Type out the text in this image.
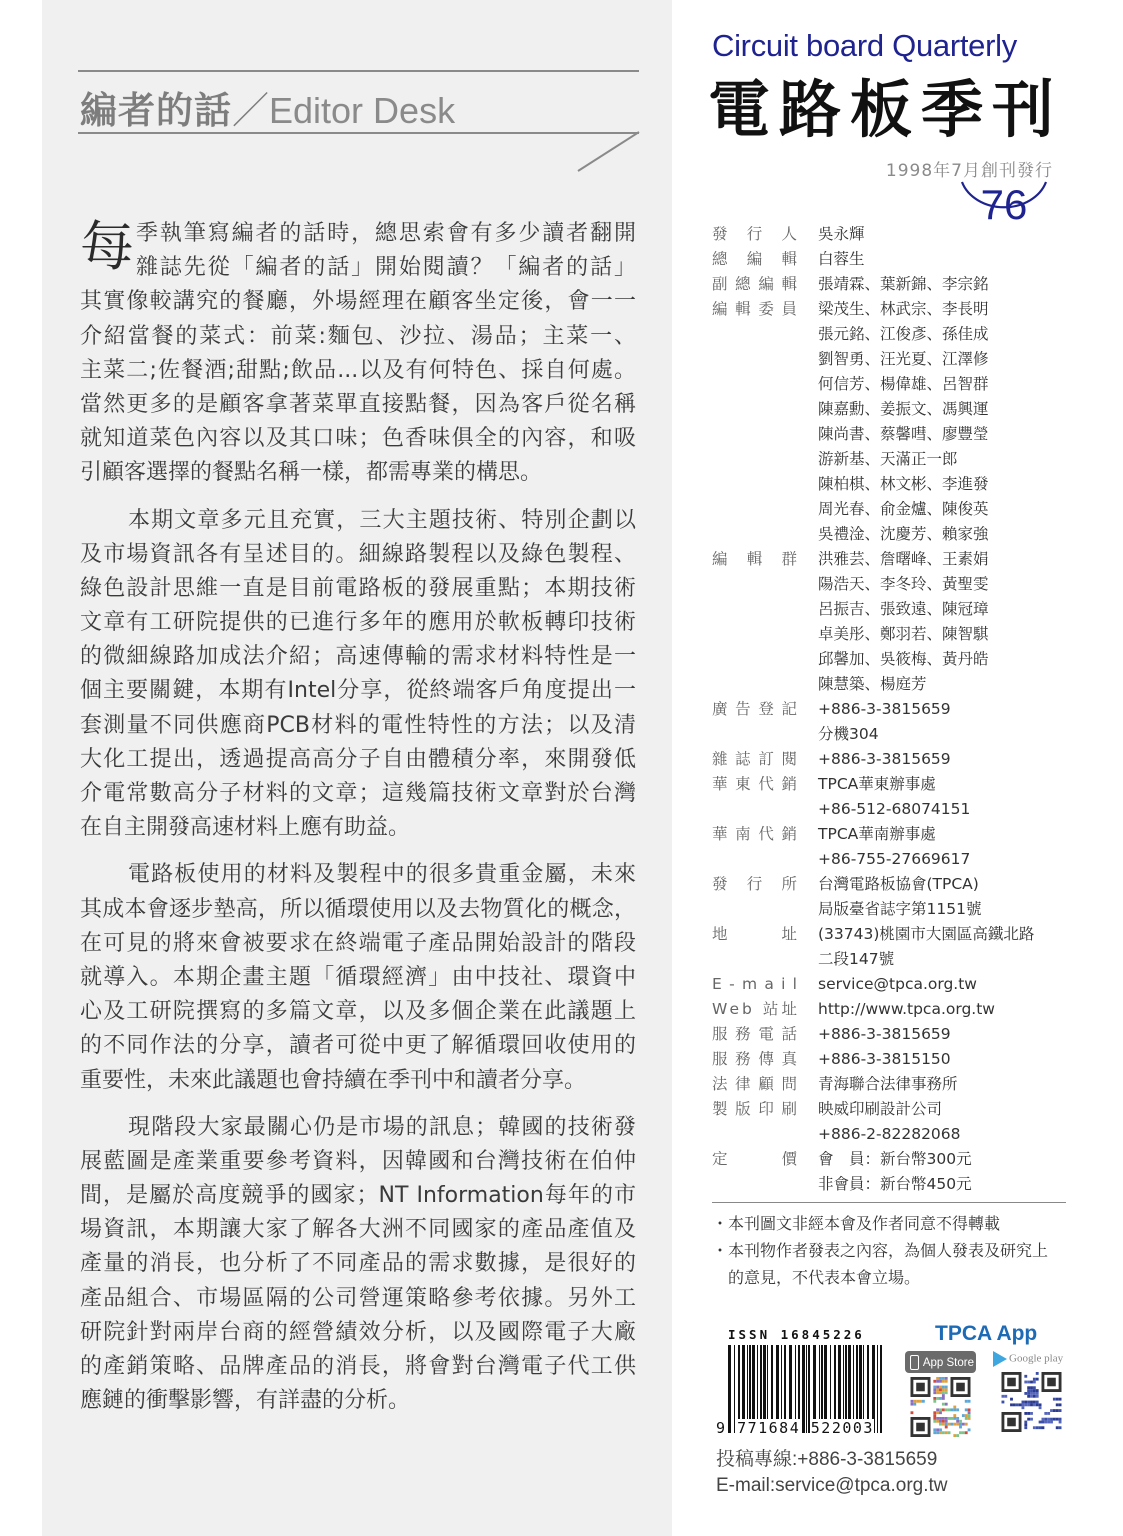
編者的話／Editor Desk
每 季執筆寫編者的話時，總思索會有多少讀者翻開
雜誌先從「編者的話」開始閱讀？「編者的話」
其實像較講究的餐廳，外場經理在顧客坐定後，會一一
介紹當餐的菜式：前菜:麵包、沙拉、湯品；主菜一、
主菜二;佐餐酒;甜點;飲品...以及有何特色、採自何處。
當然更多的是顧客拿著菜單直接點餐，因為客戶從名稱
就知道菜色內容以及其口味；色香味俱全的內容，和吸
引顧客選擇的餐點名稱一樣，都需專業的構思。
本期文章多元且充實，三大主題技術、特別企劃以
及市場資訊各有呈述目的。細線路製程以及綠色製程、
綠色設計思維一直是目前電路板的發展重點；本期技術
文章有工研院提供的已進行多年的應用於軟板轉印技術
的微細線路加成法介紹；高速傳輸的需求材料特性是一
個主要關鍵，本期有Intel分享，從終端客戶角度提出一
套測量不同供應商PCB材料的電性特性的方法；以及清
大化工提出，透過提高高分子自由體積分率，來開發低
介電常數高分子材料的文章；這幾篇技術文章對於台灣
在自主開發高速材料上應有助益。
電路板使用的材料及製程中的很多貴重金屬，未來
其成本會逐步墊高，所以循環使用以及去物質化的概念，
在可見的將來會被要求在終端電子產品開始設計的階段
就導入。本期企畫主題「循環經濟」由中技社、環資中
心及工研院撰寫的多篇文章，以及多個企業在此議題上
的不同作法的分享，讀者可從中更了解循環回收使用的
重要性，未來此議題也會持續在季刊中和讀者分享。
現階段大家最關心仍是市場的訊息；韓國的技術發
展藍圖是產業重要參考資料，因韓國和台灣技術在伯仲
間，是屬於高度競爭的國家；NT Information每年的市
場資訊，本期讓大家了解各大洲不同國家的產品產值及
產量的消長，也分析了不同產品的需求數據，是很好的
產品組合、市場區隔的公司營運策略參考依據。另外工
研院針對兩岸台商的經營績效分析，以及國際電子大廠
的產銷策略、品牌產品的消長，將會對台灣電子代工供
應鏈的衝擊影響，有詳盡的分析。
Circuit board Quarterly
電路板季刊
1998年7月創刊發行
76
發行人 吳永輝
總編輯 白蓉生
副總編輯 張靖霖、葉新錦、李宗銘
編輯委員 梁茂生、林武宗、李長明
張元銘、江俊彥、孫佳成
劉智勇、汪光夏、江澤修
何信芳、楊偉雄、呂智群
陳嘉勳、姜振文、馮興運
陳尚書、蔡馨嘒、廖豐瑩
游新基、天滿正一郎
陳柏棋、林文彬、李進發
周光春、俞金爐、陳俊英
吳禮淦、沈慶芳、賴家強
編輯群 洪雅芸、詹曙峰、王素娟
陽浩天、李冬玲、黃聖雯
呂振吉、張致遠、陳冠璋
卓美彤、鄭羽若、陳智騏
邱馨加、吳筱梅、黃丹皓
陳慧築、楊庭芳
廣告登記 +886-3-3815659
分機304
雜誌訂閱 +886-3-3815659
華東代銷 TPCA華東辦事處
+86-512-68074151
華南代銷 TPCA華南辦事處
+86-755-27669617
發行所 台灣電路板協會(TPCA)
局版臺省誌字第1151號
地址
(33743)桃園市大園區高鐵北路
二段147號
E-mail service@tpca.org.tw
Web 站址 http://www.tpca.org.tw
服務電話 +886-3-3815659
服務傳真 +886-3-3815150
法律顧問 青海聯合法律事務所
製版印刷 映威印刷設計公司
+886-2-82282068
定價
會　員：新台幣300元
非會員：新台幣450元
・本刊圖文非經本會及作者同意不得轉載
・本刊物作者發表之內容，為個人發表及研究上
的意見，不代表本會立場。
ISSN 16845226
9 771684 522003
TPCA App
App Store	Google play
投稿專線:+886-3-3815659
E-mail:service@tpca.org.tw
